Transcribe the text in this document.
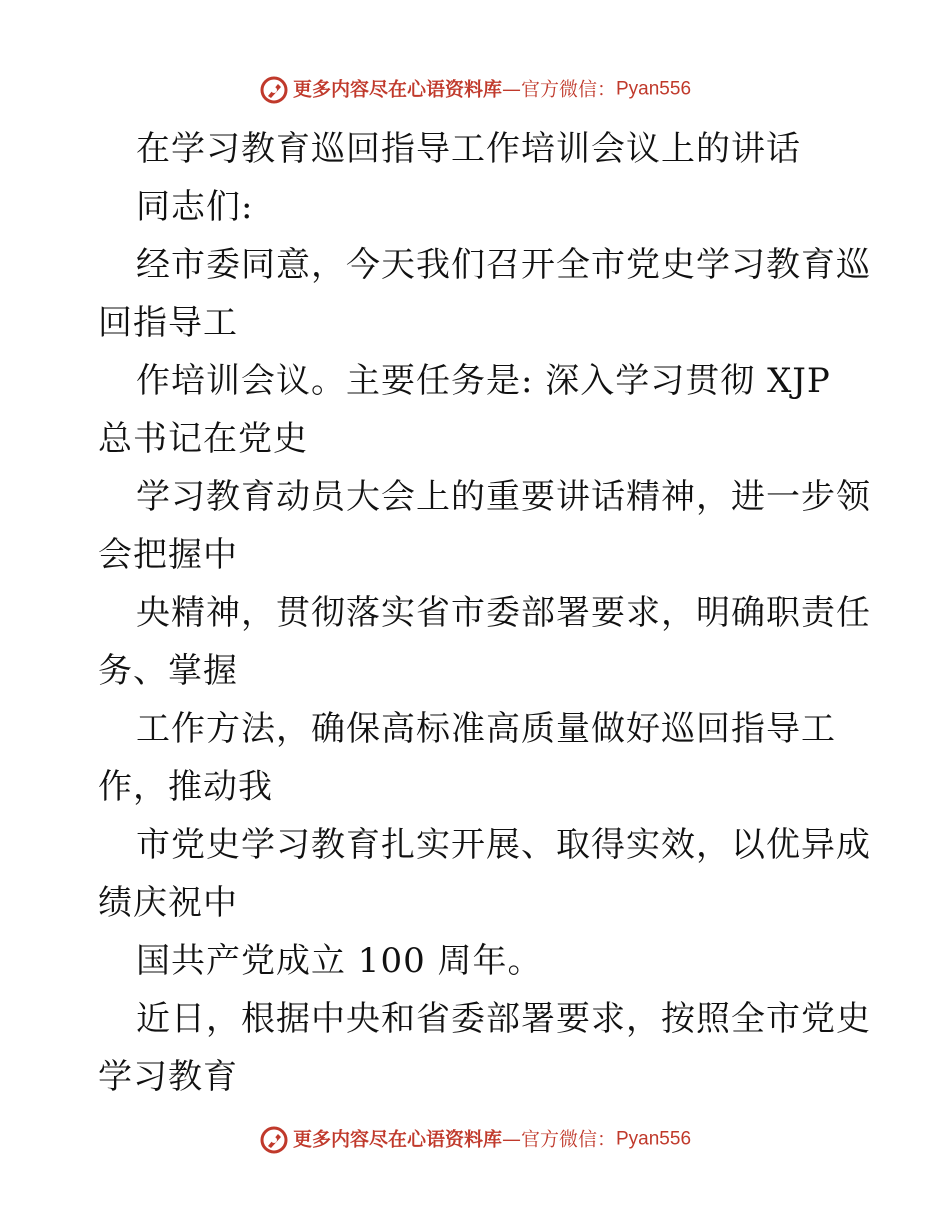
更多内容尽在心语资料库—官方微信：Pyan556
在学习教育巡回指导工作培训会议上的讲话
同志们:
经市委同意，今天我们召开全市党史学习教育巡
回指导工
作培训会议。主要任务是: 深入学习贯彻 XJP
总书记在党史
学习教育动员大会上的重要讲话精神，进一步领
会把握中
央精神，贯彻落实省市委部署要求，明确职责任
务、掌握
工作方法，确保高标准高质量做好巡回指导工
作，推动我
市党史学习教育扎实开展、取得实效，以优异成
绩庆祝中
国共产党成立 100 周年。
近日，根据中央和省委部署要求，按照全市党史
学习教育
更多内容尽在心语资料库—官方微信：Pyan556
